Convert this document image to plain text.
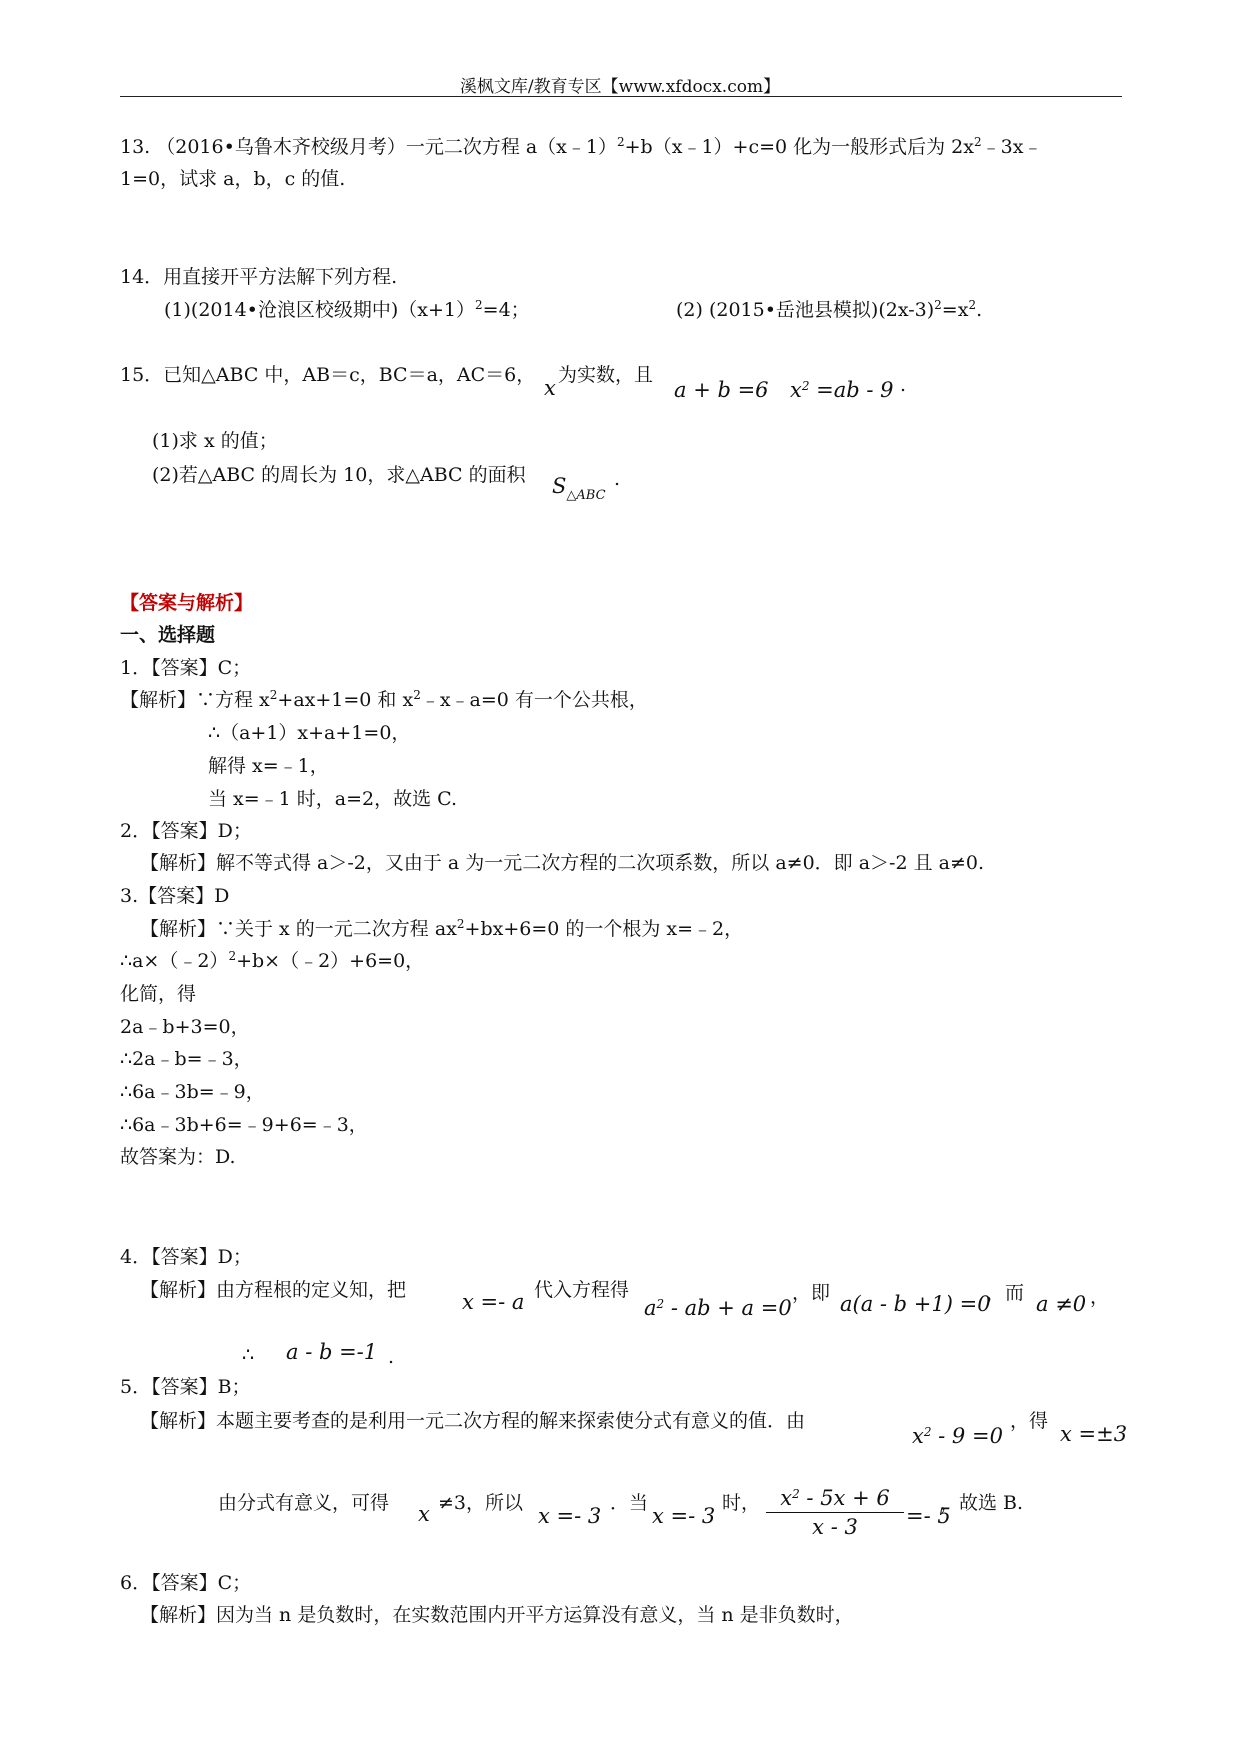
溪枫文库/教育专区【www.xfdocx.com】
13. （2016•乌鲁木齐校级月考）一元二次方程 a（x﹣1）$^2$+b（x﹣1）+c=0 化为一般形式后为 $2x^2﹣3x﹣$
1=0，试求 a，b，c 的值.
14．用直接开平方法解下列方程.
(1)(2014•沧浪区校级期中)$(x+1)^2=4$；	(2) (2015•岳池县模拟)$(2x-3)^2=x^2$.
15．已知△ABC 中，AB＝c，BC＝a，AC＝6，
x
为实数，且
a + b =6
， $x^2 =ab - 9$ .
(1)求 x 的值；
(2)若△ABC 的周长为 10，求△ABC 的面积 $S_{\triangle ABC}$
.
【答案与解析】
一、选择题
1．【答案】C；
【解析】∵方程 $x^2+ax+1=0$ 和 $x^2﹣x﹣a=0$ 有一个公共根，
∴（a+1）x+a+1=0，
解得 x=﹣1，
当 x=﹣1 时，a=2，故选 C.
2．【答案】D；
【解析】解不等式得 a＞-2，又由于 a 为一元二次方程的二次项系数，所以 a≠0．即 a＞-2 且 a≠0.
3.【答案】D
【解析】∵关于 x 的一元二次方程 $ax^2+bx+6=0$ 的一个根为 x=﹣2，
∴a×（﹣2）$^2$+b×（﹣2）+6=0，
化简，得
2a﹣b+3=0，
∴2a﹣b=﹣3，
∴6a﹣3b=﹣9，
∴6a﹣3b+6=﹣9+6=﹣3，
故答案为：D.
4．【答案】D；
【解析】由方程根的定义知，把	x =- a 代入方程得
$a^2$ - ab + a =0
，即 a(a - b +1) =0
，而 a ≠0 ，
∴ a - b =-1 .
5．【答案】B；
【解析】本题主要考查的是利用一元二次方程的解来探索使分式有意义的值．由
$x^2 - 9 =0$
，得
x =±3
由分式有意义，可得 x ≠3，所以
x =- 3
．当
x =- 3
时， $x^2 - 5x + 6$
x - 3	=- 5
，故选 B.
6．【答案】C；
【解析】因为当 n 是负数时，在实数范围内开平方运算没有意义，当 n 是非负数时，
